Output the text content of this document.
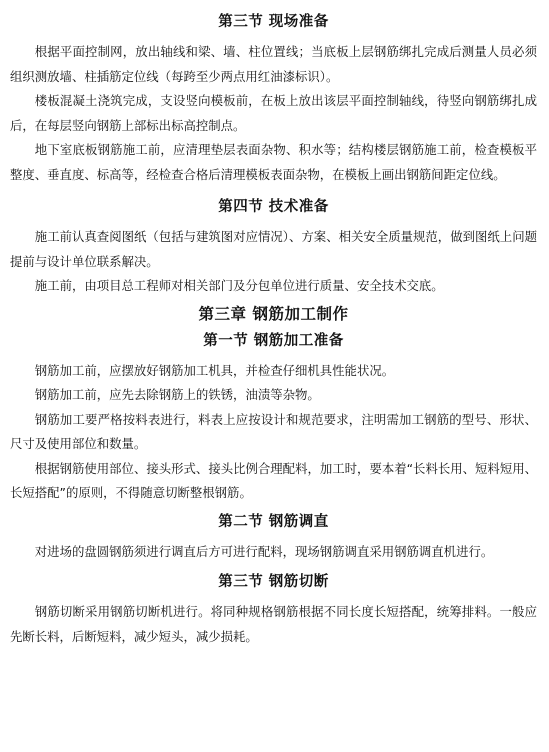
第三节 现场准备

根据平面控制网，放出轴线和梁、墙、柱位置线；当底板上层钢筋绑扎完成后测量人员必须组织测放墙、柱插筋定位线（每跨至少两点用红油漆标识）。

楼板混凝土浇筑完成，支设竖向模板前，在板上放出该层平面控制轴线，待竖向钢筋绑扎成后，在每层竖向钢筋上部标出标高控制点。

地下室底板钢筋施工前，应清理垫层表面杂物、积水等；结构楼层钢筋施工前，检查模板平整度、垂直度、标高等，经检查合格后清理模板表面杂物，在模板上画出钢筋间距定位线。

第四节 技术准备

施工前认真查阅图纸（包括与建筑图对应情况）、方案、相关安全质量规范，做到图纸上问题提前与设计单位联系解决。

施工前，由项目总工程师对相关部门及分包单位进行质量、安全技术交底。

第三章 钢筋加工制作
第一节 钢筋加工准备

钢筋加工前，应摆放好钢筋加工机具，并检查仔细机具性能状况。

钢筋加工前，应先去除钢筋上的铁锈，油渍等杂物。

钢筋加工要严格按料表进行，料表上应按设计和规范要求，注明需加工钢筋的型号、形状、尺寸及使用部位和数量。

根据钢筋使用部位、接头形式、接头比例合理配料，加工时，要本着“长料长用、短料短用、长短搭配”的原则，不得随意切断整根钢筋。

第二节 钢筋调直

对进场的盘圆钢筋须进行调直后方可进行配料，现场钢筋调直采用钢筋调直机进行。

第三节 钢筋切断

钢筋切断采用钢筋切断机进行。将同种规格钢筋根据不同长度长短搭配，统筹排料。一般应先断长料，后断短料，减少短头，减少损耗。
